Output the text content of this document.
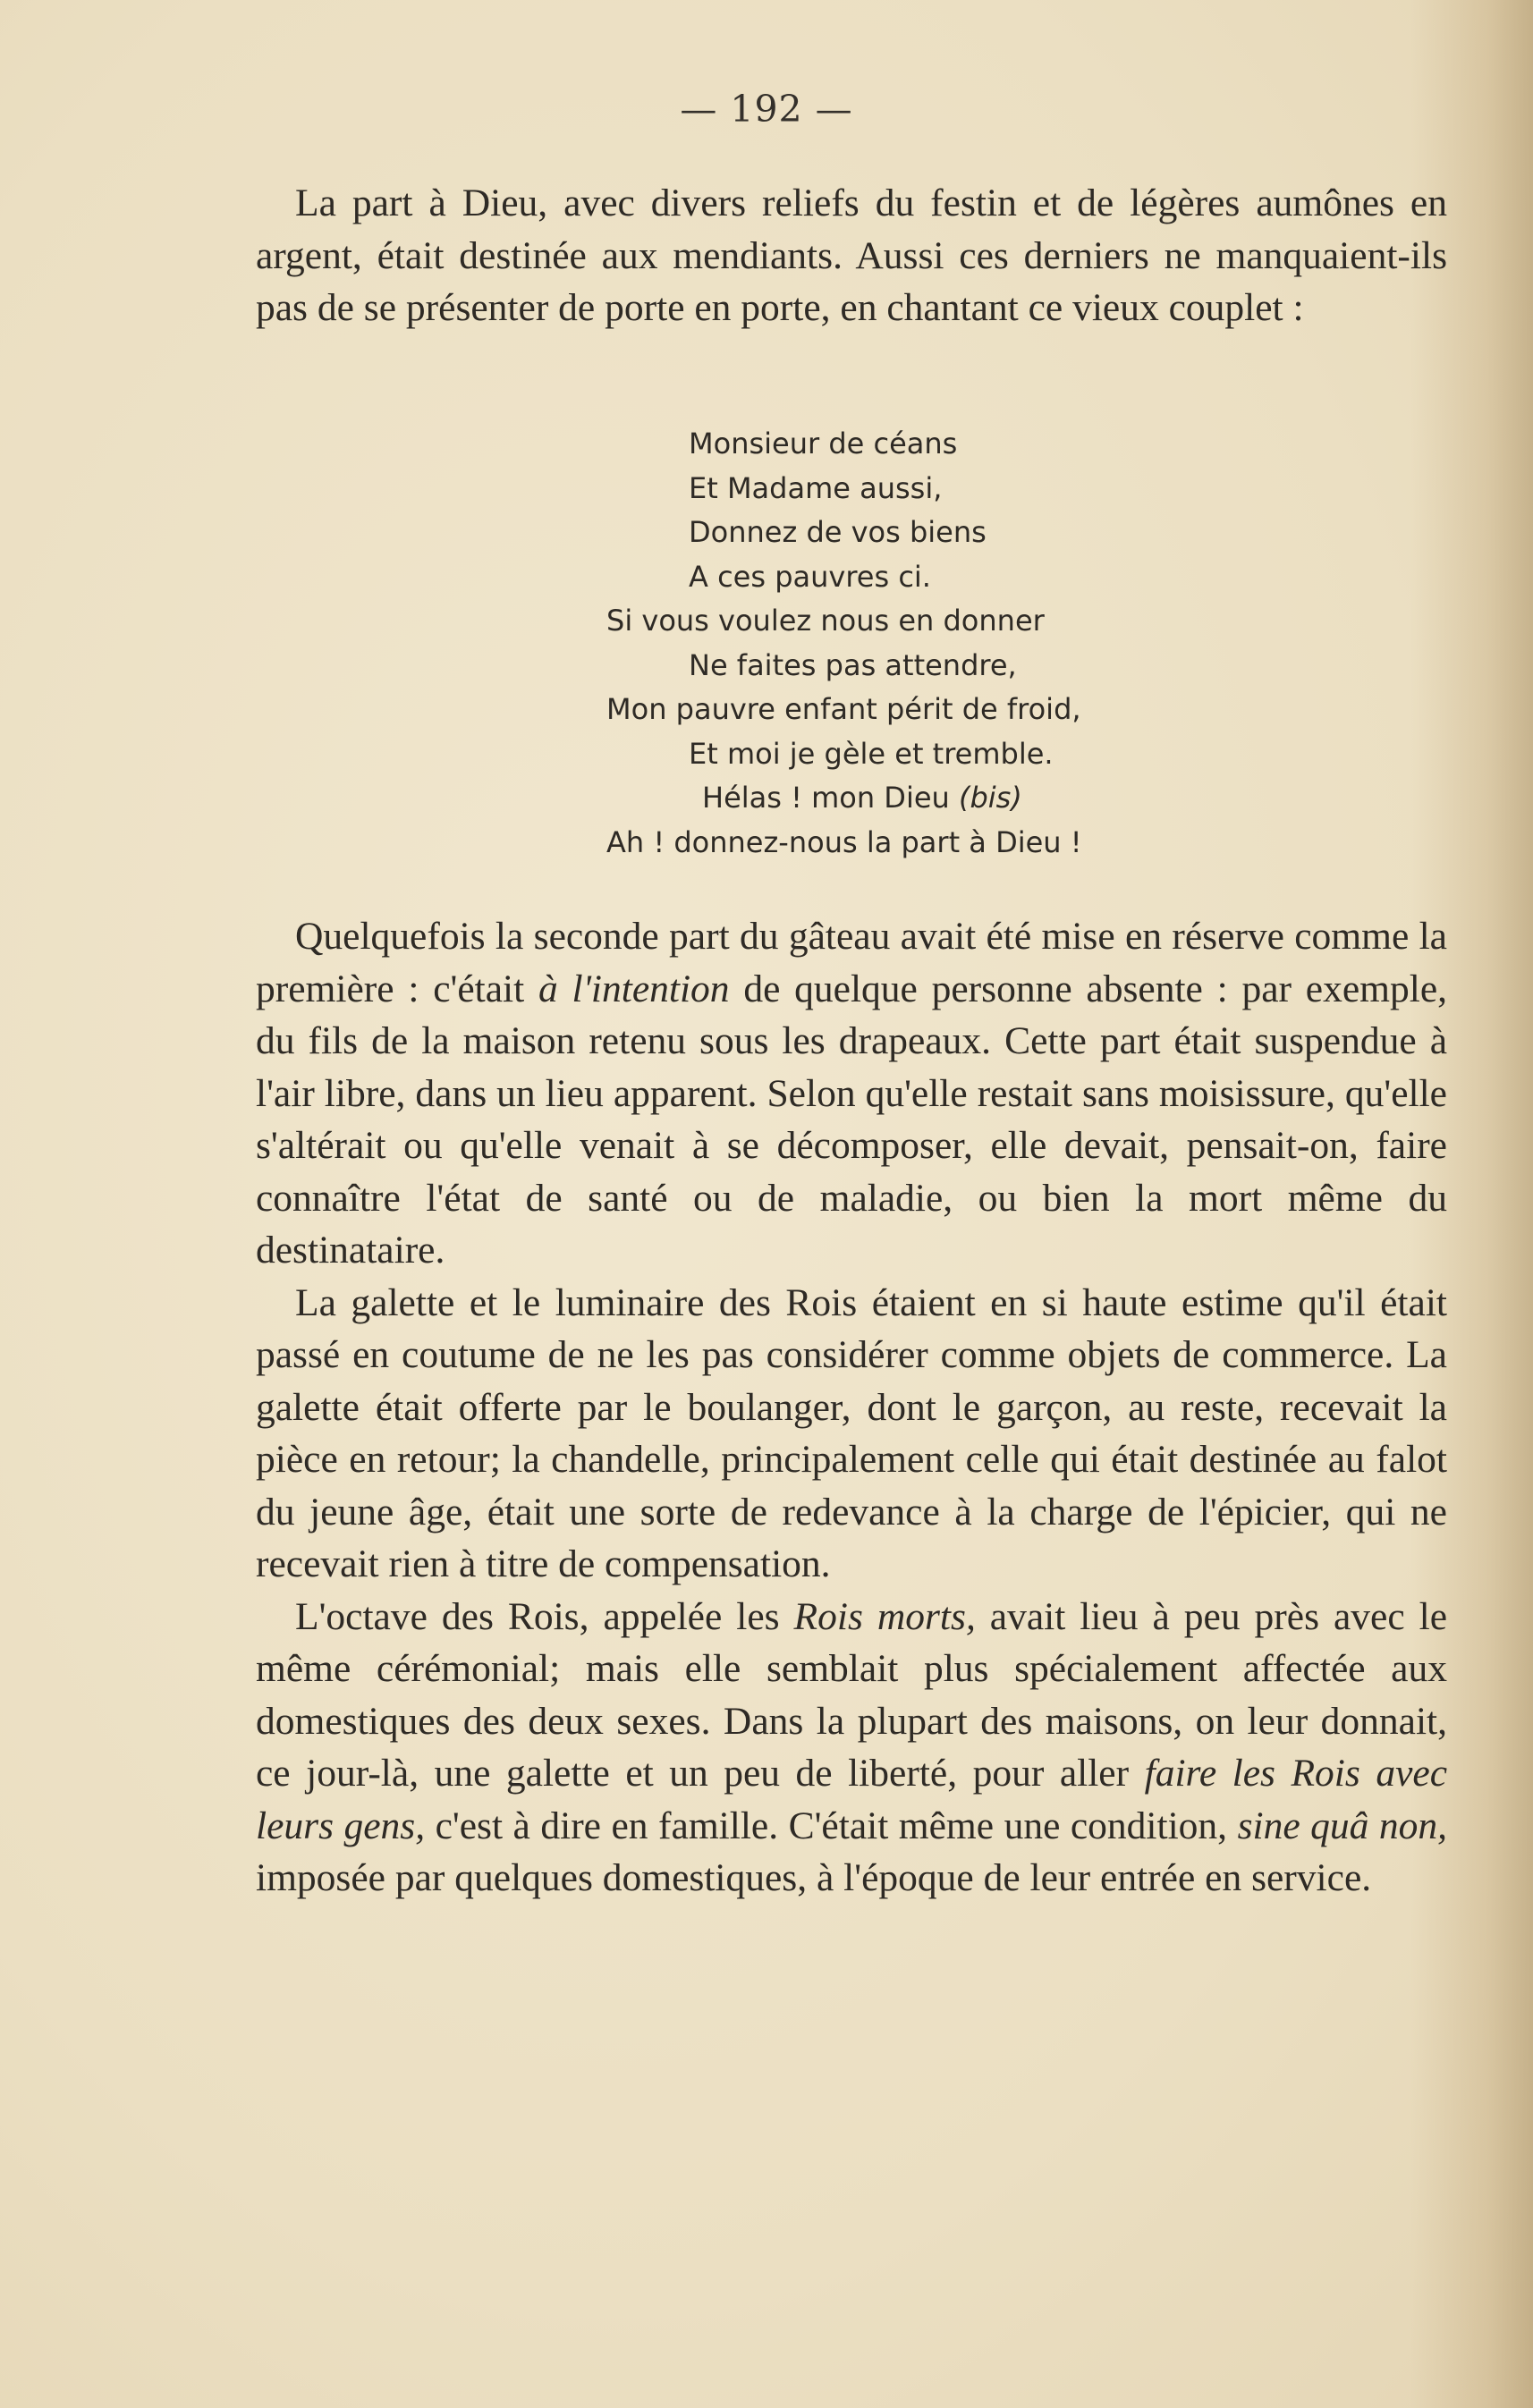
— 192 —

La part à Dieu, avec divers reliefs du festin et de légères aumônes en argent, était destinée aux mendiants. Aussi ces derniers ne manquaient-ils pas de se présenter de porte en porte, en chantant ce vieux couplet :

Monsieur de céans
Et Madame aussi,
Donnez de vos biens
A ces pauvres ci.
Si vous voulez nous en donner
Ne faites pas attendre,
Mon pauvre enfant périt de froid,
Et moi je gèle et tremble.
Hélas ! mon Dieu (bis)
Ah ! donnez-nous la part à Dieu !

Quelquefois la seconde part du gâteau avait été mise en réserve comme la première : c'était à l'intention de quelque personne absente : par exemple, du fils de la maison retenu sous les drapeaux. Cette part était suspendue à l'air libre, dans un lieu apparent. Selon qu'elle restait sans moisissure, qu'elle s'altérait ou qu'elle venait à se décomposer, elle devait, pensait-on, faire connaître l'état de santé ou de maladie, ou bien la mort même du destinataire.

La galette et le luminaire des Rois étaient en si haute estime qu'il était passé en coutume de ne les pas considérer comme objets de commerce. La galette était offerte par le boulanger, dont le garçon, au reste, recevait la pièce en retour; la chandelle, principalement celle qui était destinée au falot du jeune âge, était une sorte de redevance à la charge de l'épicier, qui ne recevait rien à titre de compensation.

L'octave des Rois, appelée les Rois morts, avait lieu à peu près avec le même cérémonial; mais elle semblait plus spécialement affectée aux domestiques des deux sexes. Dans la plupart des maisons, on leur donnait, ce jour-là, une galette et un peu de liberté, pour aller faire les Rois avec leurs gens, c'est à dire en famille. C'était même une condition, sine quâ non, imposée par quelques domestiques, à l'époque de leur entrée en service.
